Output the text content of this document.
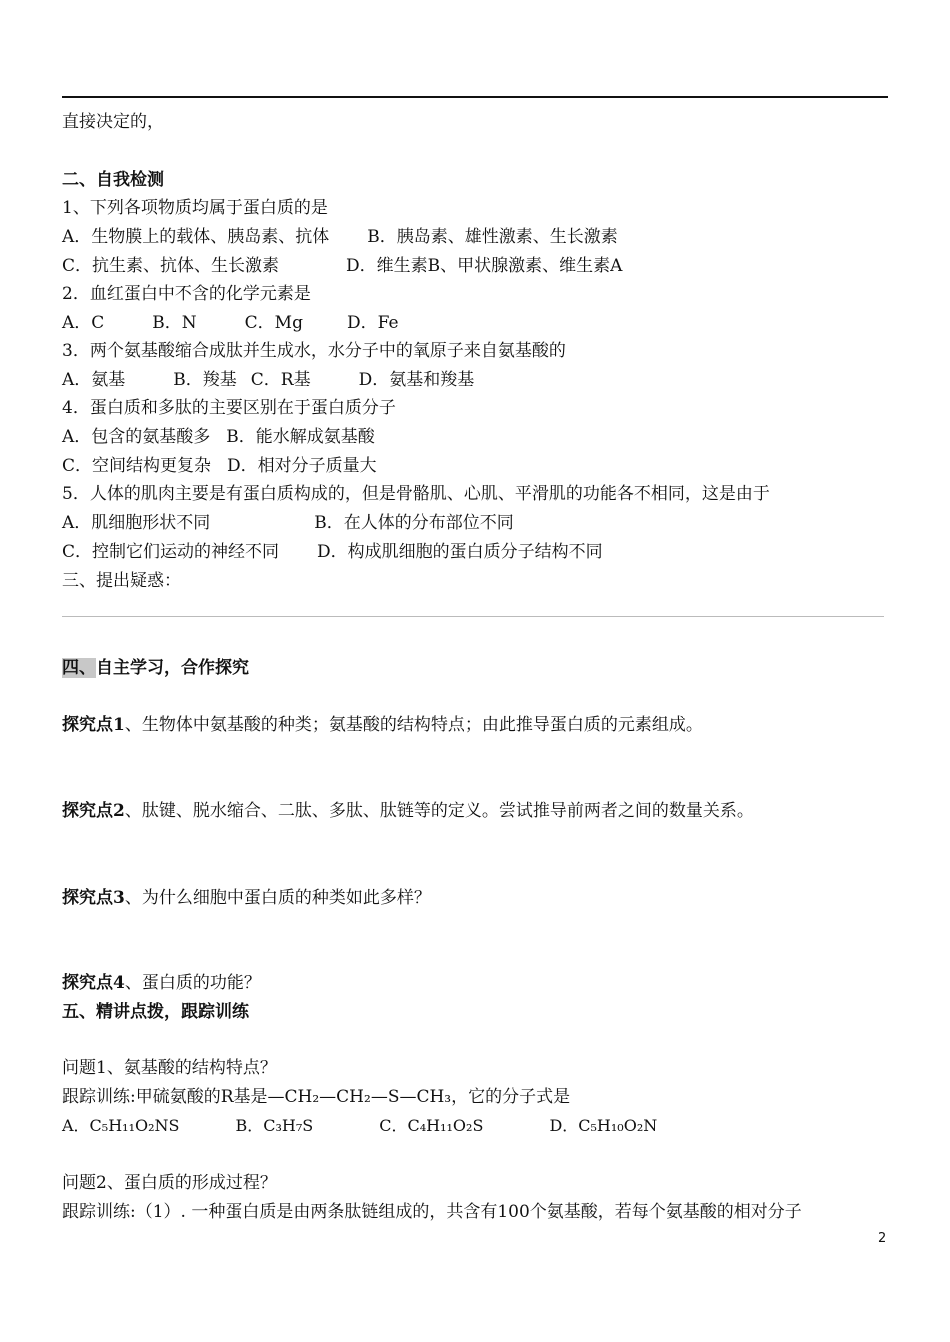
直接决定的，
二、自我检测
1、下列各项物质均属于蛋白质的是
A．生物膜上的载体、胰岛素、抗体 B．胰岛素、雄性激素、生长激素
C．抗生素、抗体、生长激素	D．维生素B、甲状腺激素、维生素A
2．血红蛋白中不含的化学元素是
A．C	B．N	C．Mg	D．Fe
3．两个氨基酸缩合成肽并生成水，水分子中的氧原子来自氨基酸的
A．氨基	B．羧基 C．R基	D．氨基和羧基
4．蛋白质和多肽的主要区别在于蛋白质分子
A．包含的氨基酸多 B．能水解成氨基酸
C．空间结构更复杂 D．相对分子质量大
5．人体的肌肉主要是有蛋白质构成的，但是骨骼肌、心肌、平滑肌的功能各不相同，这是由于
A．肌细胞形状不同	B．在人体的分布部位不同
C．控制它们运动的神经不同 D．构成肌细胞的蛋白质分子结构不同
三、提出疑惑：
四、自主学习，合作探究
探究点1、生物体中氨基酸的种类；氨基酸的结构特点；由此推导蛋白质的元素组成。
探究点2、肽键、脱水缩合、二肽、多肽、肽链等的定义。尝试推导前两者之间的数量关系。
探究点3、为什么细胞中蛋白质的种类如此多样？
探究点4、蛋白质的功能？
五、精讲点拨，跟踪训练
问题1、氨基酸的结构特点？
跟踪训练:甲硫氨酸的R基是—CH₂—CH₂—S—CH₃，它的分子式是
A．C₅H₁₁O₂NS	B．C₃H₇S	C．C₄H₁₁O₂S	D．C₅H₁₀O₂N
问题2、蛋白质的形成过程？
跟踪训练:（1）. 一种蛋白质是由两条肽链组成的，共含有100个氨基酸，若每个氨基酸的相对分子
2
